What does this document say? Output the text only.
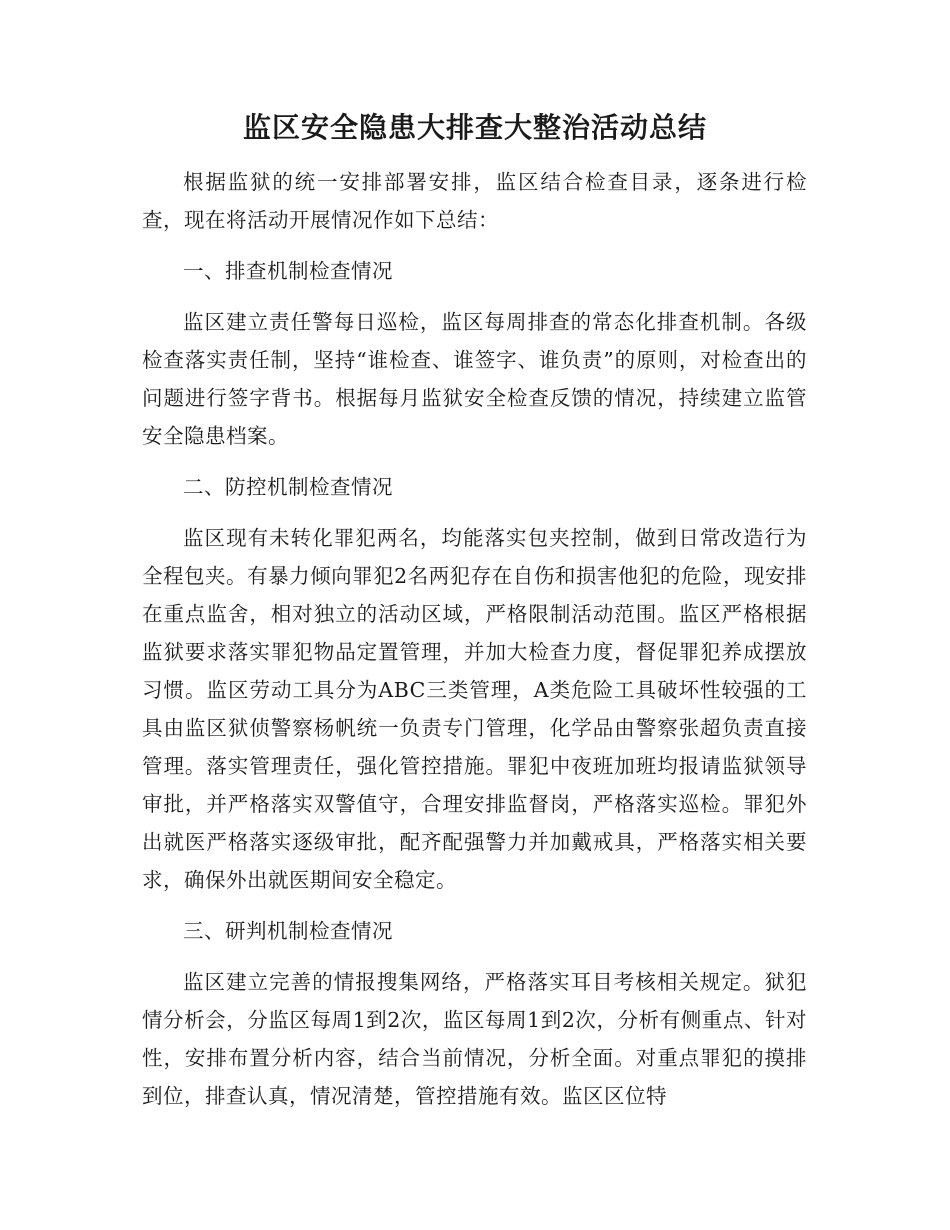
监区安全隐患大排查大整治活动总结

根据监狱的统一安排部署安排，监区结合检查目录，逐条进行检查，现在将活动开展情况作如下总结：

一、排查机制检查情况

监区建立责任警每日巡检，监区每周排查的常态化排查机制。各级检查落实责任制，坚持“谁检查、谁签字、谁负责”的原则，对检查出的问题进行签字背书。根据每月监狱安全检查反馈的情况，持续建立监管安全隐患档案。

二、防控机制检查情况

监区现有未转化罪犯两名，均能落实包夹控制，做到日常改造行为全程包夹。有暴力倾向罪犯2名两犯存在自伤和损害他犯的危险，现安排在重点监舍，相对独立的活动区域，严格限制活动范围。监区严格根据监狱要求落实罪犯物品定置管理，并加大检查力度，督促罪犯养成摆放习惯。监区劳动工具分为ABC三类管理，A类危险工具破坏性较强的工具由监区狱侦警察杨帆统一负责专门管理，化学品由警察张超负责直接管理。落实管理责任，强化管控措施。罪犯中夜班加班均报请监狱领导审批，并严格落实双警值守，合理安排监督岗，严格落实巡检。罪犯外出就医严格落实逐级审批，配齐配强警力并加戴戒具，严格落实相关要求，确保外出就医期间安全稳定。

三、研判机制检查情况

监区建立完善的情报搜集网络，严格落实耳目考核相关规定。狱犯情分析会，分监区每周1到2次，监区每周1到2次，分析有侧重点、针对性，安排布置分析内容，结合当前情况，分析全面。对重点罪犯的摸排到位，排查认真，情况清楚，管控措施有效。监区区位特
